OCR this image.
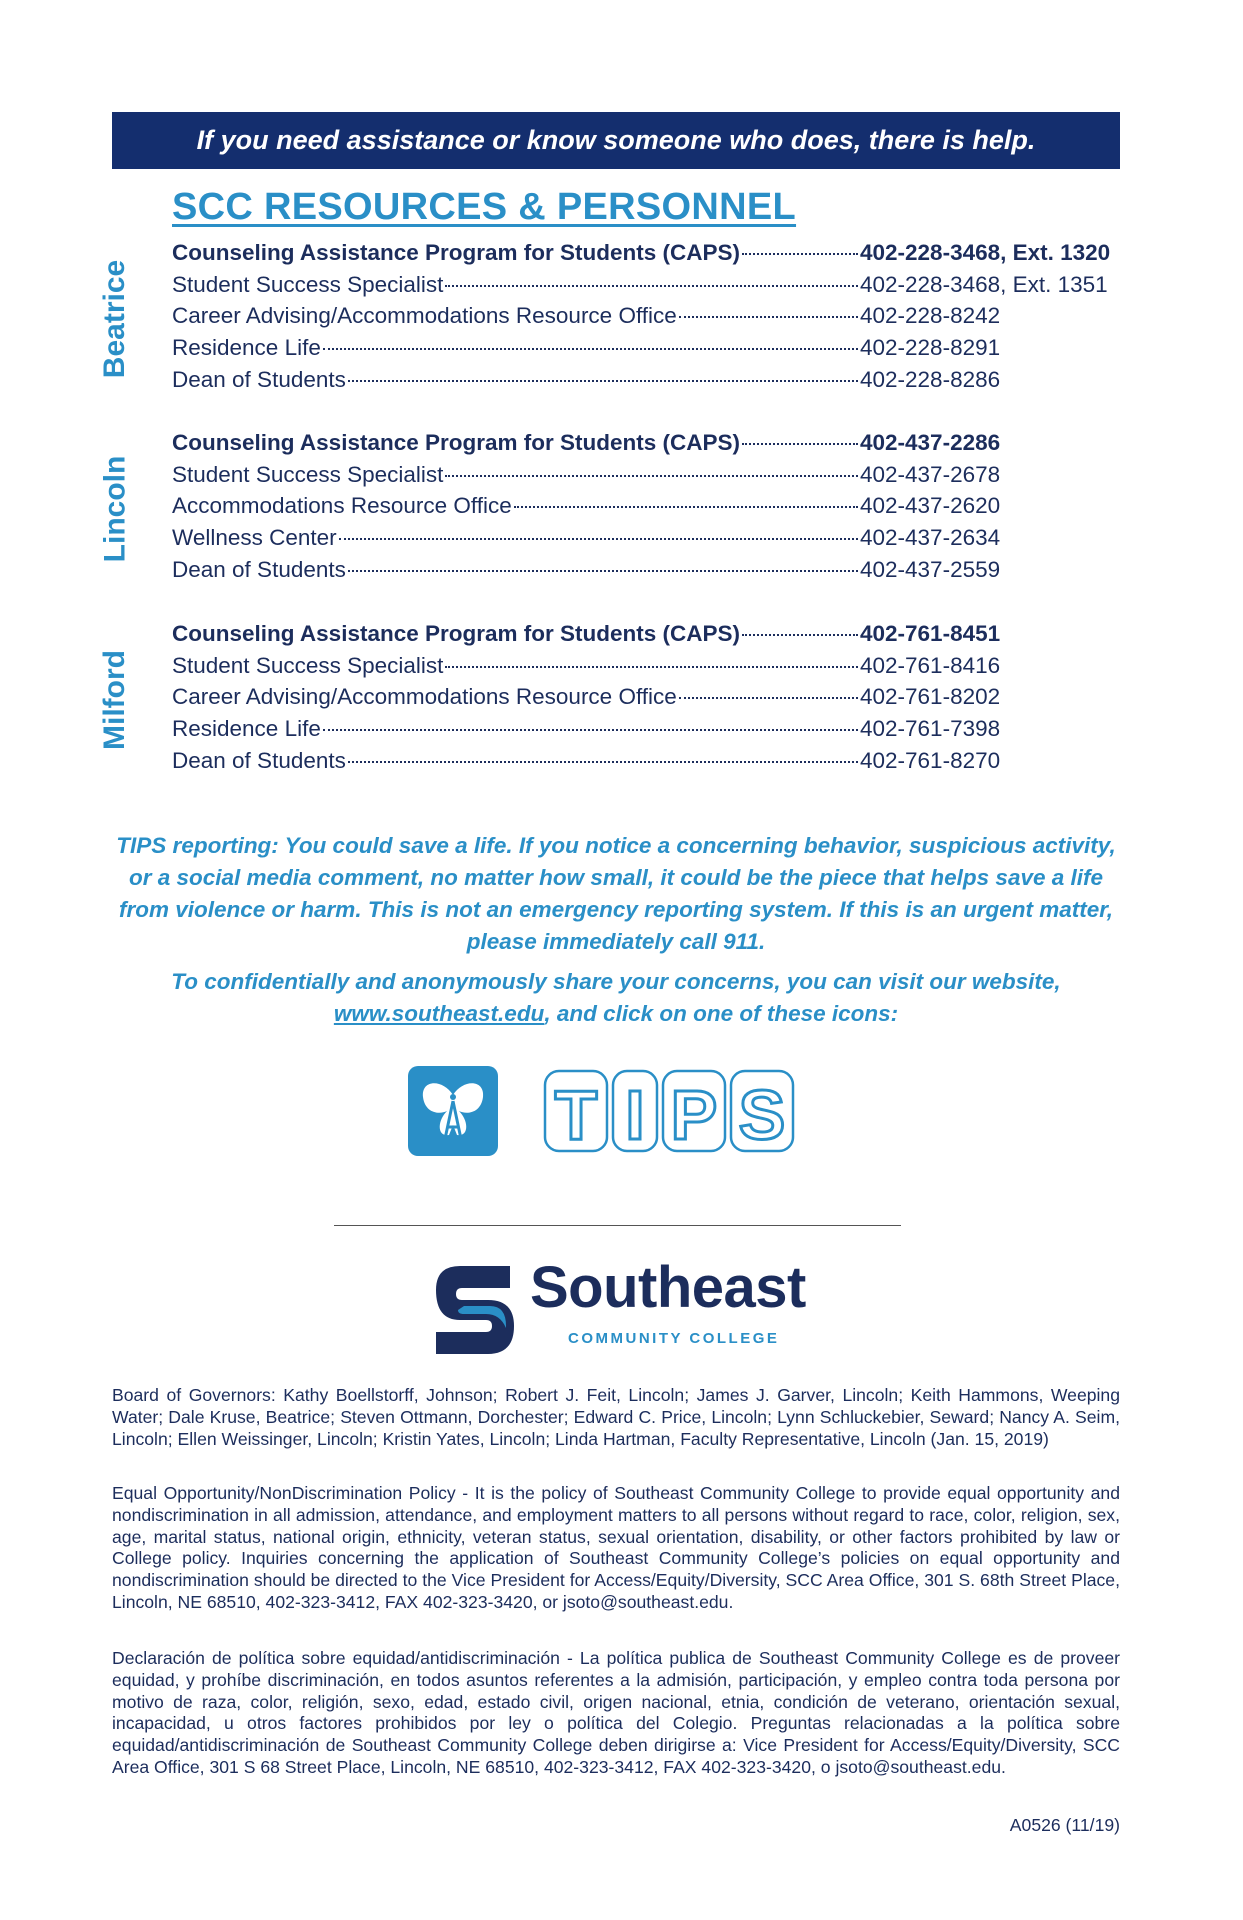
If you need assistance or know someone who does, there is help.
SCC RESOURCES & PERSONNEL
Beatrice
Counseling Assistance Program for Students (CAPS)	402-228-3468, Ext. 1320
Student Success Specialist	402-228-3468, Ext. 1351
Career Advising/Accommodations Resource Office	402-228-8242
Residence Life	402-228-8291
Dean of Students	402-228-8286
Lincoln
Counseling Assistance Program for Students (CAPS)	402-437-2286
Student Success Specialist	402-437-2678
Accommodations Resource Office	402-437-2620
Wellness Center	402-437-2634
Dean of Students	402-437-2559
Milford
Counseling Assistance Program for Students (CAPS)	402-761-8451
Student Success Specialist	402-761-8416
Career Advising/Accommodations Resource Office	402-761-8202
Residence Life	402-761-7398
Dean of Students	402-761-8270
TIPS reporting: You could save a life. If you notice a concerning behavior, suspicious activity, or a social media comment, no matter how small, it could be the piece that helps save a life from violence or harm. This is not an emergency reporting system. If this is an urgent matter, please immediately call 911.
To confidentially and anonymously share your concerns, you can visit our website,
www.southeast.edu, and click on one of these icons:
T I P S
Southeast
COMMUNITY COLLEGE
Board of Governors: Kathy Boellstorff, Johnson; Robert J. Feit, Lincoln; James J. Garver, Lincoln; Keith Hammons, Weeping Water; Dale Kruse, Beatrice; Steven Ottmann, Dorchester; Edward C. Price, Lincoln; Lynn Schluckebier, Seward; Nancy A. Seim, Lincoln; Ellen Weissinger, Lincoln; Kristin Yates, Lincoln; Linda Hartman, Faculty Representative, Lincoln (Jan. 15, 2019)
Equal Opportunity/NonDiscrimination Policy - It is the policy of Southeast Community College to provide equal opportunity and nondiscrimination in all admission, attendance, and employment matters to all persons without regard to race, color, religion, sex, age, marital status, national origin, ethnicity, veteran status, sexual orientation, disability, or other factors prohibited by law or College policy. Inquiries concerning the application of Southeast Community College’s policies on equal opportunity and nondiscrimination should be directed to the Vice President for Access/Equity/Diversity, SCC Area Office, 301 S. 68th Street Place, Lincoln, NE 68510, 402-323-3412, FAX 402-323-3420, or jsoto@southeast.edu.
Declaración de política sobre equidad/antidiscriminación - La política publica de Southeast Community College es de proveer equidad, y prohíbe discriminación, en todos asuntos referentes a la admisión, participación, y empleo contra toda persona por motivo de raza, color, religión, sexo, edad, estado civil, origen nacional, etnia, condición de veterano, orientación sexual, incapacidad, u otros factores prohibidos por ley o política del Colegio. Preguntas relacionadas a la política sobre equidad/antidiscriminación de Southeast Community College deben dirigirse a: Vice President for Access/Equity/Diversity, SCC Area Office, 301 S 68 Street Place, Lincoln, NE 68510, 402-323-3412, FAX 402-323-3420, o jsoto@southeast.edu.
A0526 (11/19)
